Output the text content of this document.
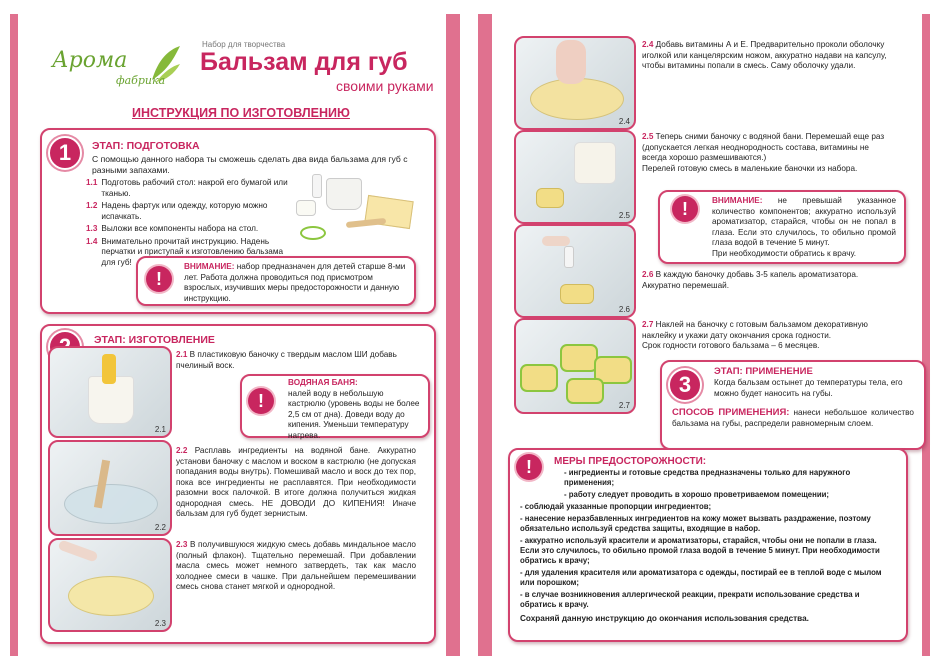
Арома
фабрика
Набор для творчества
Бальзам для губ
своими руками
ИНСТРУКЦИЯ ПО ИЗГОТОВЛЕНИЮ
1	ЭТАП: ПОДГОТОВКА
С помощью данного набора ты сможешь сделать два вида бальзама для губ с разными запахами.
1.1 Подготовь рабочий стол: накрой его бумагой или тканью.
1.2 Надень фартук или одежду, которую можно испачкать.
1.3 Выложи все компоненты набора на стол.
1.4 Внимательно прочитай инструкцию. Надень перчатки и приступай к изготовлению бальзама для губ!
!
ВНИМАНИЕ: набор предназначен для детей старше 8-ми лет. Работа должна проводиться под присмотром взрослых, изучивших меры предосторожности и данную инструкцию.
ЭТАП: ИЗГОТОВЛЕНИЕ
2.1
2.1 В пластиковую баночку с твердым маслом ШИ добавь пчелиный воск.
!
ВОДЯНАЯ БАНЯ:
налей воду в небольшую кастрюлю (уровень воды не более 2,5 см от дна). Доведи воду до кипения. Уменьши температуру нагрева.
2.2
2.2 Расплавь ингредиенты на водяной бане. Аккуратно установи баночку с маслом и воском в кастрюлю (не допуская попадания воды внутрь). Помешивай масло и воск до тех пор, пока все ингредиенты не расплавятся. При необходимости разомни воск палочкой. В итоге должна получиться жидкая однородная смесь. НЕ ДОВОДИ ДО КИПЕНИЯ! Иначе бальзам для губ будет зернистым.
2.3
2.3 В получившуюся жидкую смесь добавь миндальное масло (полный флакон). Тщательно перемешай. При добавлении масла смесь может немного затвердеть, так как масло холоднее смеси в чашке. При дальнейшем перемешивании смесь снова станет мягкой и однородной.
2.4
2.4 Добавь витамины А и Е. Предварительно проколи оболочку иголкой или канцелярским ножом, аккуратно надави на капсулу, чтобы витамины попали в смесь. Саму оболочку удали.
2.5
2.5 Теперь сними баночку с водяной бани. Перемешай еще раз (допускается легкая неоднородность состава, витамины не всегда хорошо размешиваются.)
Перелей готовую смесь в маленькие баночки из набора.
!	ВНИМАНИЕ: не превышай указанное количество компонентов; аккуратно используй ароматизатор, старайся, чтобы он не попал в глаза. Если это случилось, то обильно промой глаза водой в течение 5 минут.
При необходимости обратись к врачу.
2.6
2.6 В каждую баночку добавь 3-5 капель ароматизатора. Аккуратно перемешай.
2.7
2.7 Наклей на баночку с готовым бальзамом декоративную наклейку и укажи дату окончания срока годности.
Срок годности готового бальзама – 6 месяцев.
3
ЭТАП: ПРИМЕНЕНИЕ
Когда бальзам остынет до температуры тела, его можно будет наносить на губы.
СПОСОБ ПРИМЕНЕНИЯ: нанеси небольшое количество бальзама на губы, распредели равномерным слоем.
!	МЕРЫ ПРЕДОСТОРОЖНОСТИ:
- ингредиенты и готовые средства предназначены только для наружного применения;
- работу следует проводить в хорошо проветриваемом помещении;
- соблюдай указанные пропорции ингредиентов;
- нанесение неразбавленных ингредиентов на кожу может вызвать раздражение, поэтому обязательно используй средства защиты, входящие в набор.
- аккуратно используй красители и ароматизаторы, старайся, чтобы они не попали в глаза. Если это случилось, то обильно промой глаза водой в течение 5 минут. При необходимости обратись к врачу;
- для удаления красителя или ароматизатора с одежды, постирай ее в теплой воде с мылом или порошком;
- в случае возникновения аллергической реакции, прекрати использование средства и обратись к врачу.
Сохраняй данную инструкцию до окончания использования средства.
